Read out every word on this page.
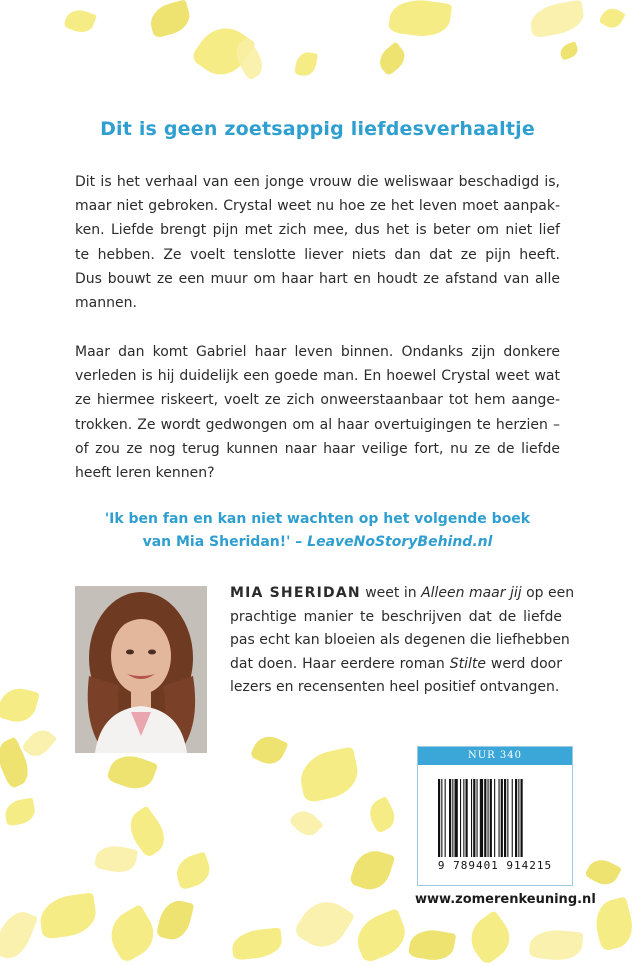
Dit is geen zoetsappig liefdesverhaaltje

Dit is het verhaal van een jonge vrouw die weliswaar beschadigd is,
maar niet gebroken. Crystal weet nu hoe ze het leven moet aanpak-
ken. Liefde brengt pijn met zich mee, dus het is beter om niet lief
te hebben. Ze voelt tenslotte liever niets dan dat ze pijn heeft.
Dus bouwt ze een muur om haar hart en houdt ze afstand van alle
mannen.

Maar dan komt Gabriel haar leven binnen. Ondanks zijn donkere
verleden is hij duidelijk een goede man. En hoewel Crystal weet wat
ze hiermee riskeert, voelt ze zich onweerstaanbaar tot hem aange-
trokken. Ze wordt gedwongen om al haar overtuigingen te herzien –
of zou ze nog terug kunnen naar haar veilige fort, nu ze de liefde
heeft leren kennen?

'Ik ben fan en kan niet wachten op het volgende boek
van Mia Sheridan!' – LeaveNoStoryBehind.nl
MIA SHERIDAN weet in Alleen maar jij op een
prachtige manier te beschrijven dat de liefde
pas echt kan bloeien als degenen die liefhebben
dat doen. Haar eerdere roman Stilte werd door
lezers en recensenten heel positief ontvangen.
NUR 340
9 789401 914215
www.zomerenkeuning.nl
